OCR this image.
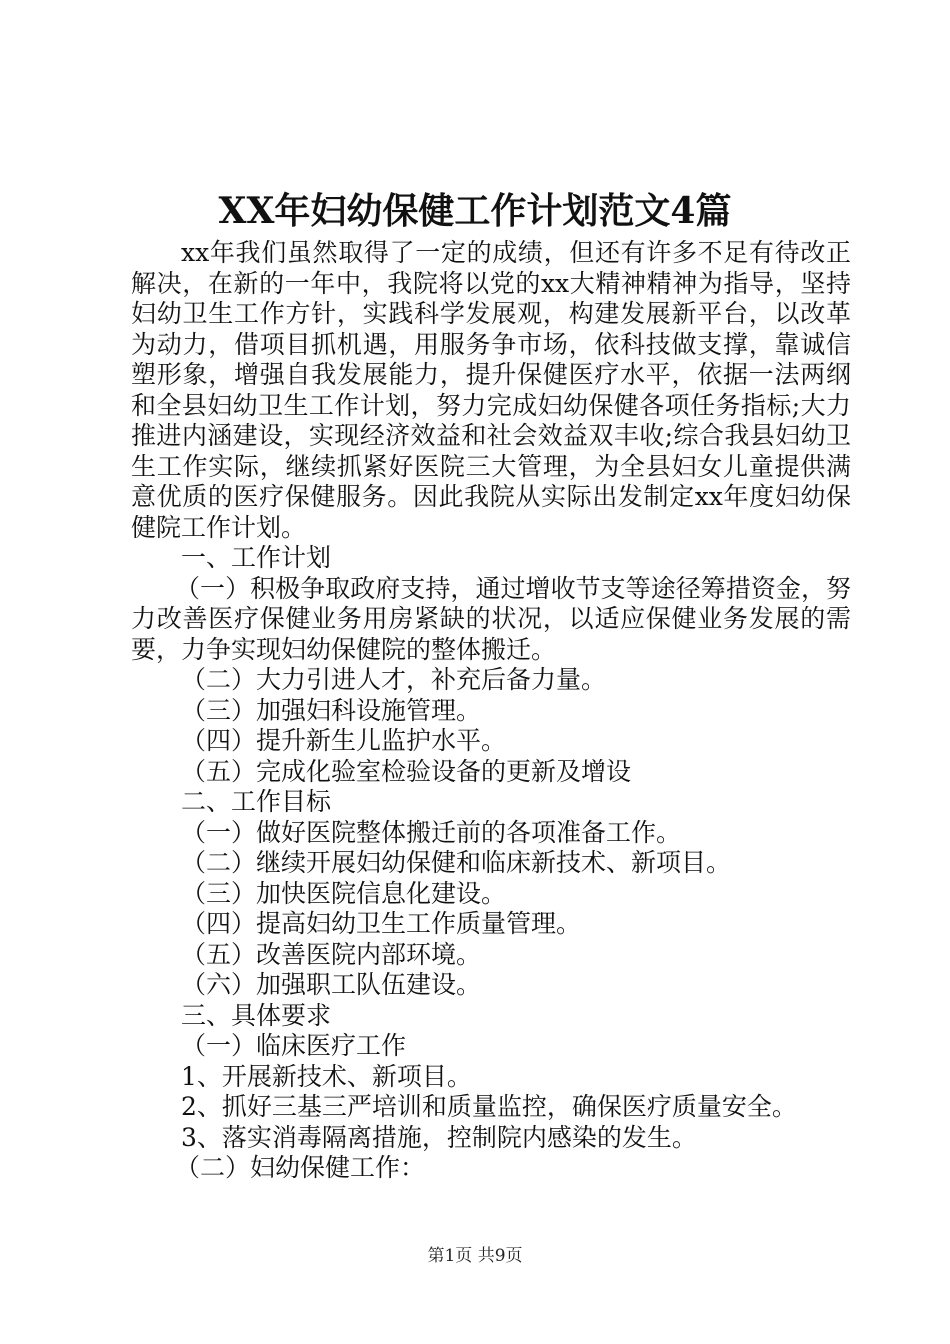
XX年妇幼保健工作计划范文4篇

xx年我们虽然取得了一定的成绩，但还有许多不足有待改正解决，在新的一年中，我院将以党的xx大精神精神为指导，坚持妇幼卫生工作方针，实践科学发展观，构建发展新平台，以改革为动力，借项目抓机遇，用服务争市场，依科技做支撑，靠诚信塑形象，增强自我发展能力，提升保健医疗水平，依据一法两纲和全县妇幼卫生工作计划，努力完成妇幼保健各项任务指标;大力推进内涵建设，实现经济效益和社会效益双丰收;综合我县妇幼卫生工作实际，继续抓紧好医院三大管理，为全县妇女儿童提供满意优质的医疗保健服务。因此我院从实际出发制定xx年度妇幼保健院工作计划。

一、工作计划

（一）积极争取政府支持，通过增收节支等途径筹措资金，努力改善医疗保健业务用房紧缺的状况，以适应保健业务发展的需要，力争实现妇幼保健院的整体搬迁。

（二）大力引进人才，补充后备力量。

（三）加强妇科设施管理。

（四）提升新生儿监护水平。

（五）完成化验室检验设备的更新及增设

二、工作目标

（一）做好医院整体搬迁前的各项准备工作。

（二）继续开展妇幼保健和临床新技术、新项目。

（三）加快医院信息化建设。

（四）提高妇幼卫生工作质量管理。

（五）改善医院内部环境。

（六）加强职工队伍建设。

三、具体要求

（一）临床医疗工作

1、开展新技术、新项目。

2、抓好三基三严培训和质量监控，确保医疗质量安全。

3、落实消毒隔离措施，控制院内感染的发生。

（二）妇幼保健工作：

第1页 共9页
